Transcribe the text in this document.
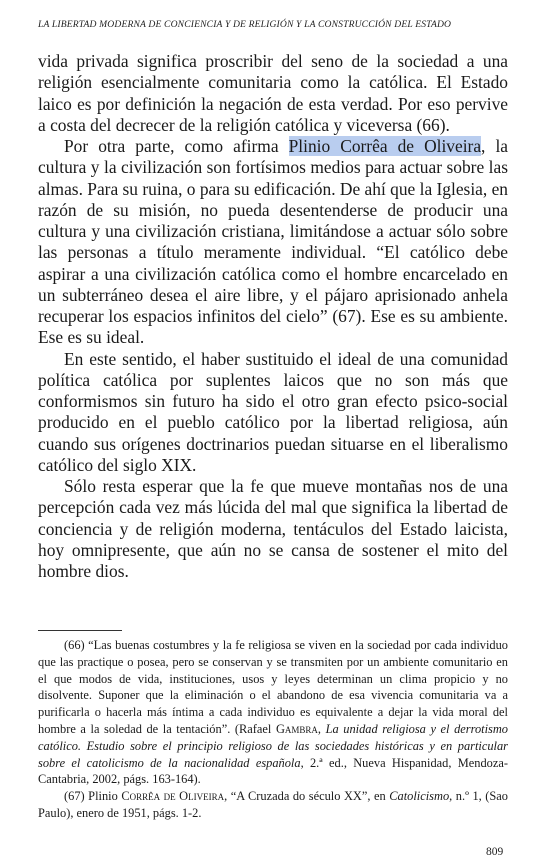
LA LIBERTAD MODERNA DE CONCIENCIA Y DE RELIGIÓN Y LA CONSTRUCCIÓN DEL ESTADO

vida privada significa proscribir del seno de la sociedad a una religión esencialmente comunitaria como la católica. El Estado laico es por definición la negación de esta verdad. Por eso pervive a costa del decrecer de la religión católica y viceversa (66).

Por otra parte, como afirma Plinio Corrêa de Oliveira, la cultura y la civilización son fortísimos medios para actuar sobre las almas. Para su ruina, o para su edificación. De ahí que la Iglesia, en razón de su misión, no pueda desentenderse de producir una cultura y una civilización cristiana, limitándose a actuar sólo sobre las personas a título meramente individual. “El católico debe aspirar a una civilización católica como el hombre encarcelado en un subterráneo desea el aire libre, y el pájaro aprisionado anhela recuperar los espacios infinitos del cielo” (67). Ese es su ambiente. Ese es su ideal.

En este sentido, el haber sustituido el ideal de una comunidad política católica por suplentes laicos que no son más que conformismos sin futuro ha sido el otro gran efecto psico-social producido en el pueblo católico por la libertad religiosa, aún cuando sus orígenes doctrinarios puedan situarse en el liberalismo católico del siglo XIX.

Sólo resta esperar que la fe que mueve montañas nos de una percepción cada vez más lúcida del mal que significa la libertad de conciencia y de religión moderna, tentáculos del Estado laicista, hoy omnipresente, que aún no se cansa de sostener el mito del hombre dios.

(66) “Las buenas costumbres y la fe religiosa se viven en la sociedad por cada individuo que las practique o posea, pero se conservan y se transmiten por un ambiente comunitario en el que modos de vida, instituciones, usos y leyes determinan un clima propicio y no disolvente. Suponer que la eliminación o el abandono de esa vivencia comunitaria va a purificarla o hacerla más íntima a cada individuo es equivalente a dejar la vida moral del hombre a la soledad de la tentación”. (Rafael Gambra, La unidad religiosa y el derrotismo católico. Estudio sobre el principio religioso de las sociedades históricas y en particular sobre el catolicismo de la nacionalidad española, 2.ª ed., Nueva Hispanidad, Mendoza-Cantabria, 2002, págs. 163-164).

(67) Plinio Corrêa de Oliveira, “A Cruzada do século XX”, en Catolicismo, n.º 1, (Sao Paulo), enero de 1951, págs. 1-2.

809
